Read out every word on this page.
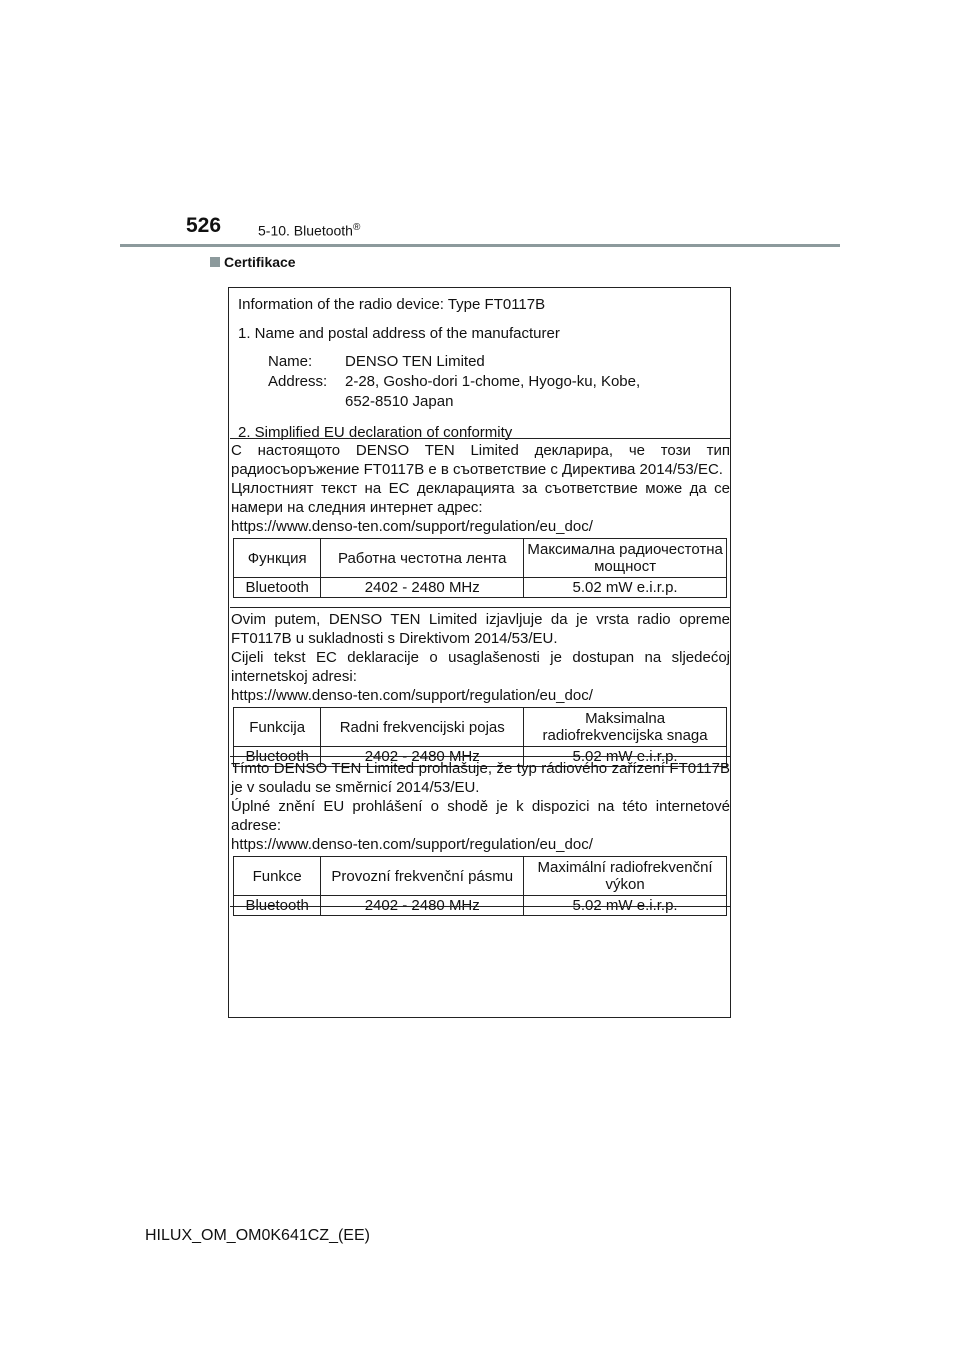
526	5-10. Bluetooth®
Certifikace

Information of the radio device: Type FT0117B

1. Name and postal address of the manufacturer

Name:	DENSO TEN Limited
Address:	2-28, Gosho-dori 1-chome, Hyogo-ku, Kobe,
652-8510 Japan

2. Simplified EU declaration of conformity

С настоящото DENSO TEN Limited декларира, че този тип радиосъоръжение FT0117B е в съответствие с Директива 2014/53/EC.

Цялостният текст на ЕС декларацията за съответствие може да се намери на следния интернет адрес:

https://www.denso-ten.com/support/regulation/eu_doc/

Функция	Работна честотна лента	Максимална радиочестотна мощност
Bluetooth	2402 - 2480 MHz	5.02 mW e.i.r.p.

Ovim putem, DENSO TEN Limited izjavljuje da je vrsta radio opreme FT0117B u sukladnosti s Direktivom 2014/53/EU.

Cijeli tekst EC deklaracije o usaglašenosti je dostupan na sljedećoj internetskoj adresi:

https://www.denso-ten.com/support/regulation/eu_doc/

Funkcija	Radni frekvencijski pojas	Maksimalna radiofrekvencijska snaga
Bluetooth	2402 - 2480 MHz	5.02 mW e.i.r.p.

Tímto DENSO TEN Limited prohlašuje, že typ rádiového zařízení FT0117B je v souladu se směrnicí 2014/53/EU.

Úplné znění EU prohlášení o shodě je k dispozici na této internetové adrese:

https://www.denso-ten.com/support/regulation/eu_doc/

Funkce	Provozní frekvenční pásmu	Maximální radiofrekvenční výkon
Bluetooth	2402 - 2480 MHz	5.02 mW e.i.r.p.
HILUX_OM_OM0K641CZ_(EE)
